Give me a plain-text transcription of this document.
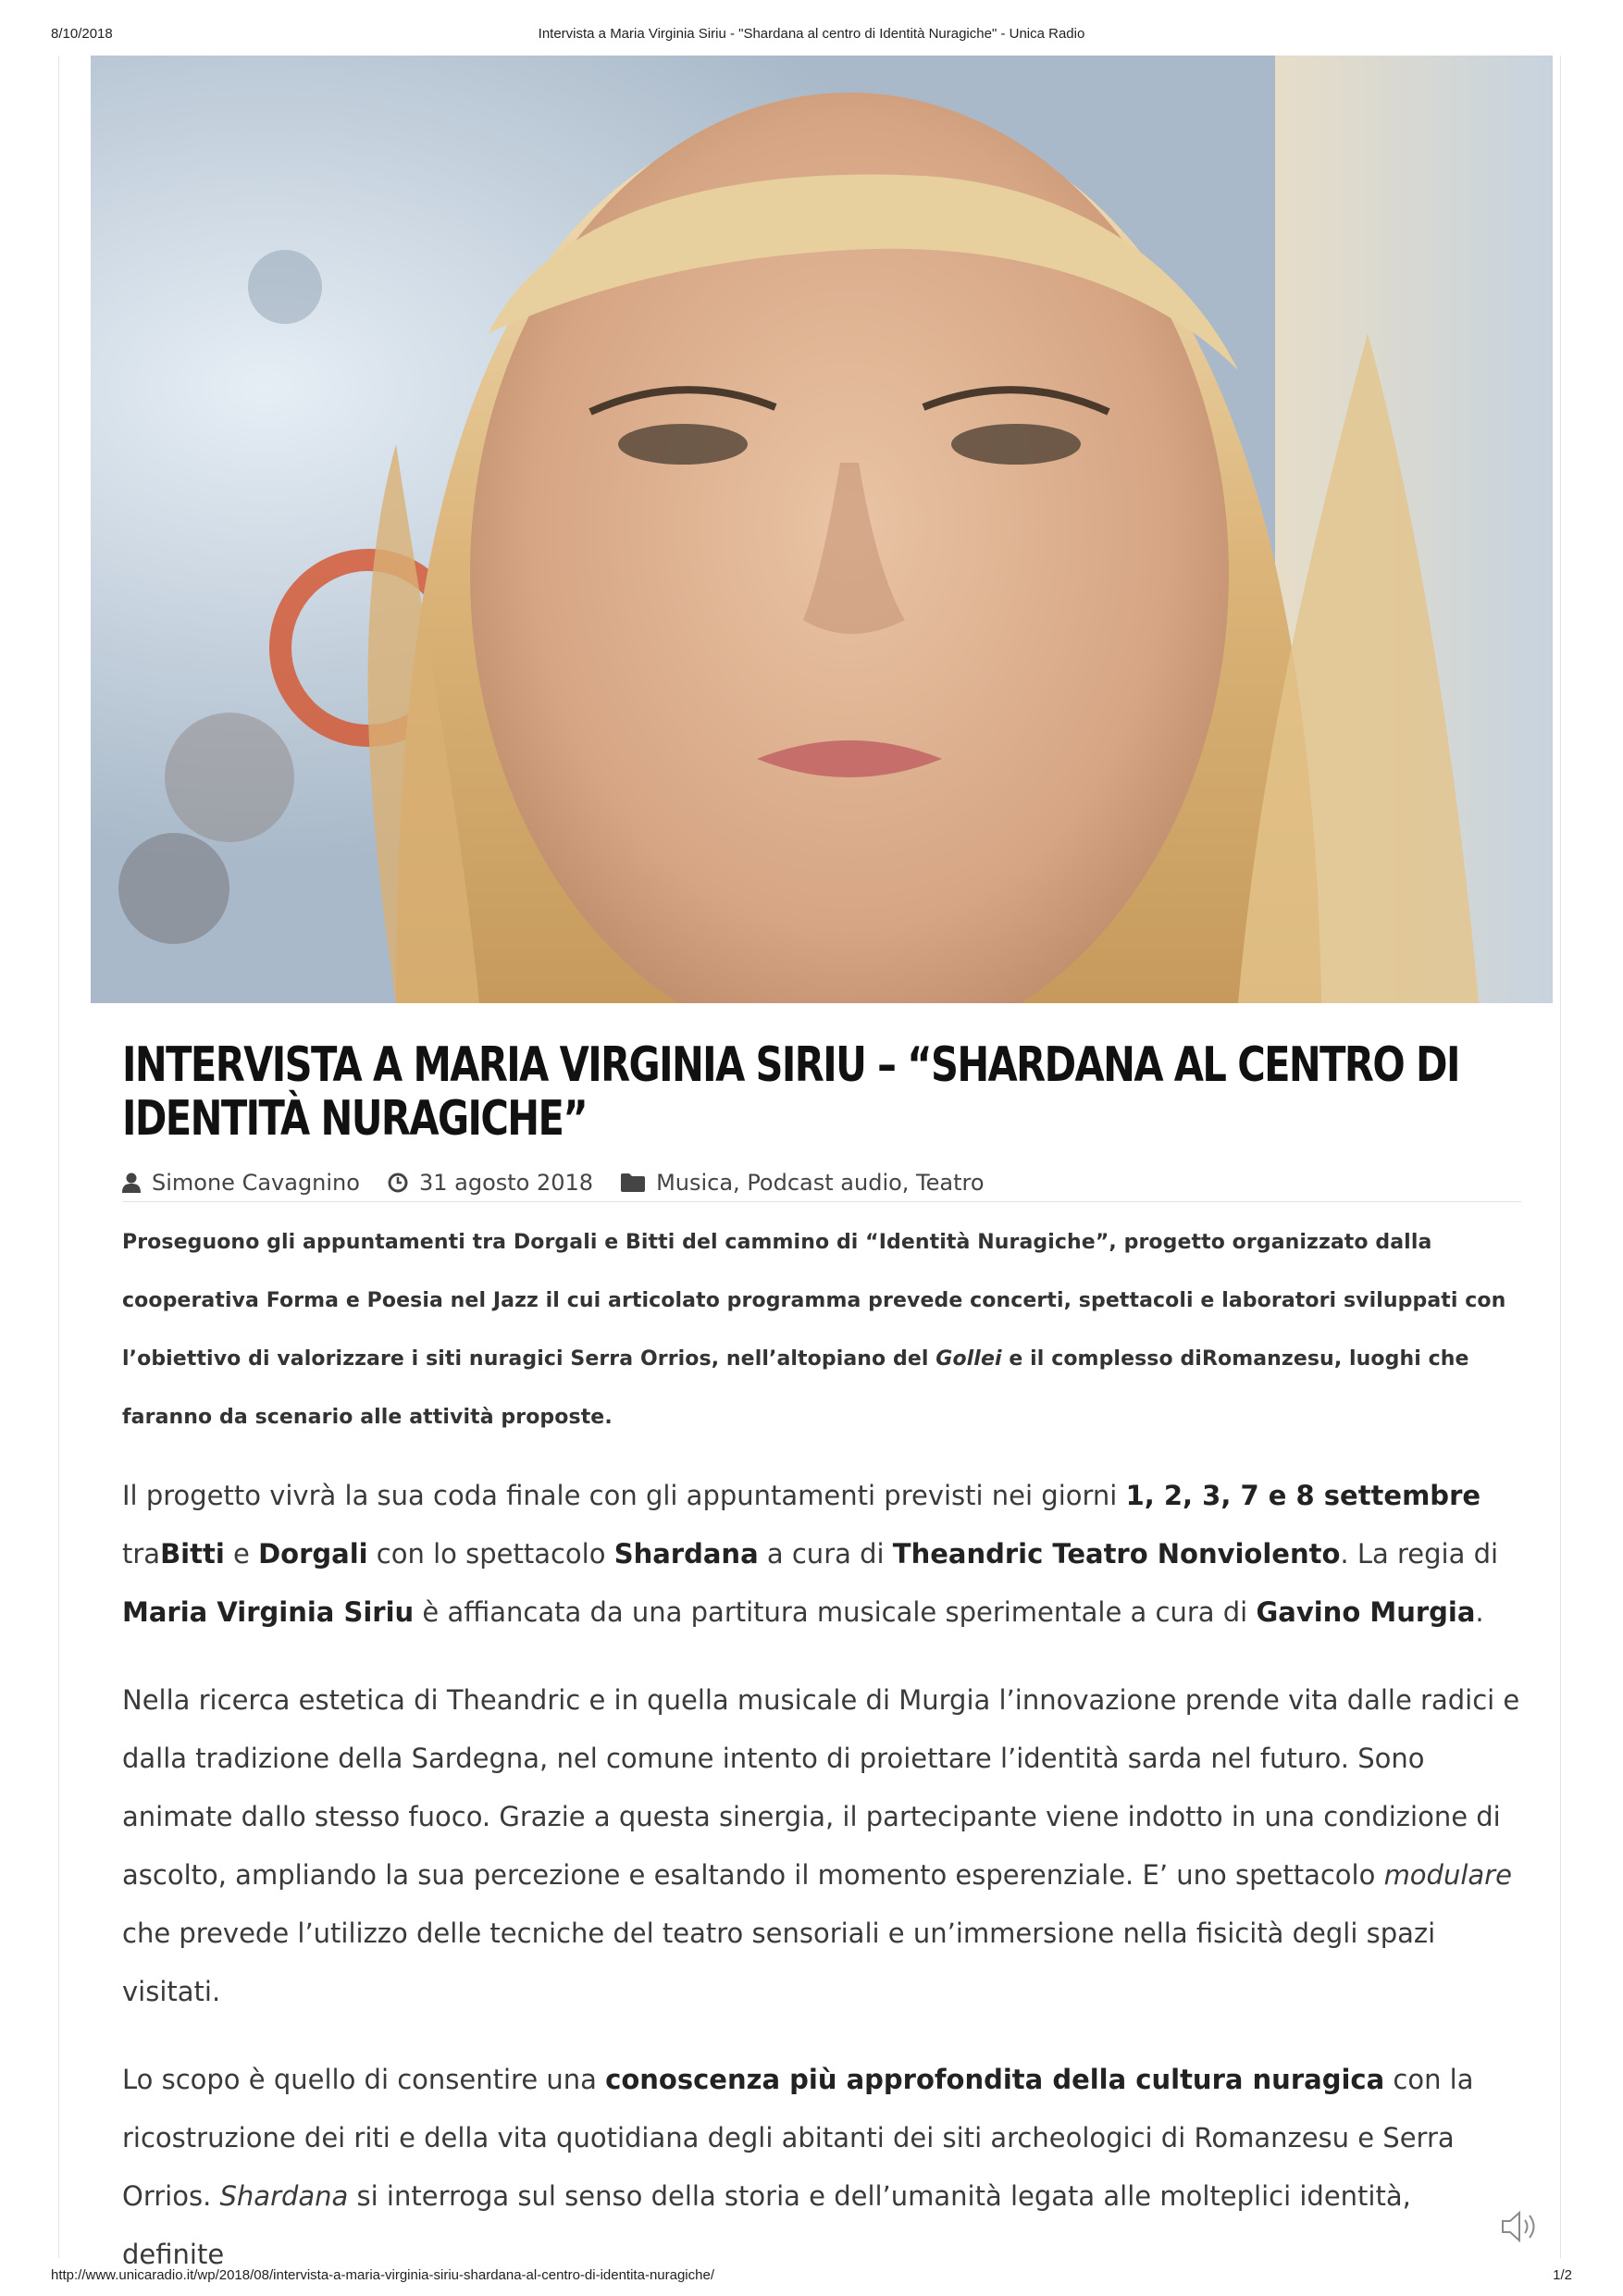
8/10/2018	Intervista a Maria Virginia Siriu - "Shardana al centro di Identità Nuragiche" - Unica Radio
INTERVISTA A MARIA VIRGINIA SIRIU – “SHARDANA AL CENTRO DI IDENTITÀ NURAGICHE”
Simone Cavagnino	31 agosto 2018	Musica, Podcast audio, Teatro
Proseguono gli appuntamenti tra Dorgali e Bitti del cammino di “Identità Nuragiche”, progetto organizzato dalla cooperativa Forma e Poesia nel Jazz il cui articolato programma prevede concerti, spettacoli e laboratori sviluppati con l’obiettivo di valorizzare i siti nuragici Serra Orrios, nell’altopiano del Gollei e il complesso diRomanzesu, luoghi che faranno da scenario alle attività proposte.

Il progetto vivrà la sua coda finale con gli appuntamenti previsti nei giorni 1, 2, 3, 7 e 8 settembre traBitti e Dorgali con lo spettacolo Shardana a cura di Theandric Teatro Nonviolento. La regia di Maria Virginia Siriu è affiancata da una partitura musicale sperimentale a cura di Gavino Murgia.

Nella ricerca estetica di Theandric e in quella musicale di Murgia l’innovazione prende vita dalle radici e dalla tradizione della Sardegna, nel comune intento di proiettare l’identità sarda nel futuro. Sono animate dallo stesso fuoco. Grazie a questa sinergia, il partecipante viene indotto in una condizione di ascolto, ampliando la sua percezione e esaltando il momento esperenziale. E’ uno spettacolo modulare che prevede l’utilizzo delle tecniche del teatro sensoriali e un’immersione nella fisicità degli spazi visitati.

Lo scopo è quello di consentire una conoscenza più approfondita della cultura nuragica con la ricostruzione dei riti e della vita quotidiana degli abitanti dei siti archeologici di Romanzesu e Serra Orrios. Shardana si interroga sul senso della storia e dell’umanità legata alle molteplici identità, definite

http://www.unicaradio.it/wp/2018/08/intervista-a-maria-virginia-siriu-shardana-al-centro-di-identita-nuragiche/	1/2
